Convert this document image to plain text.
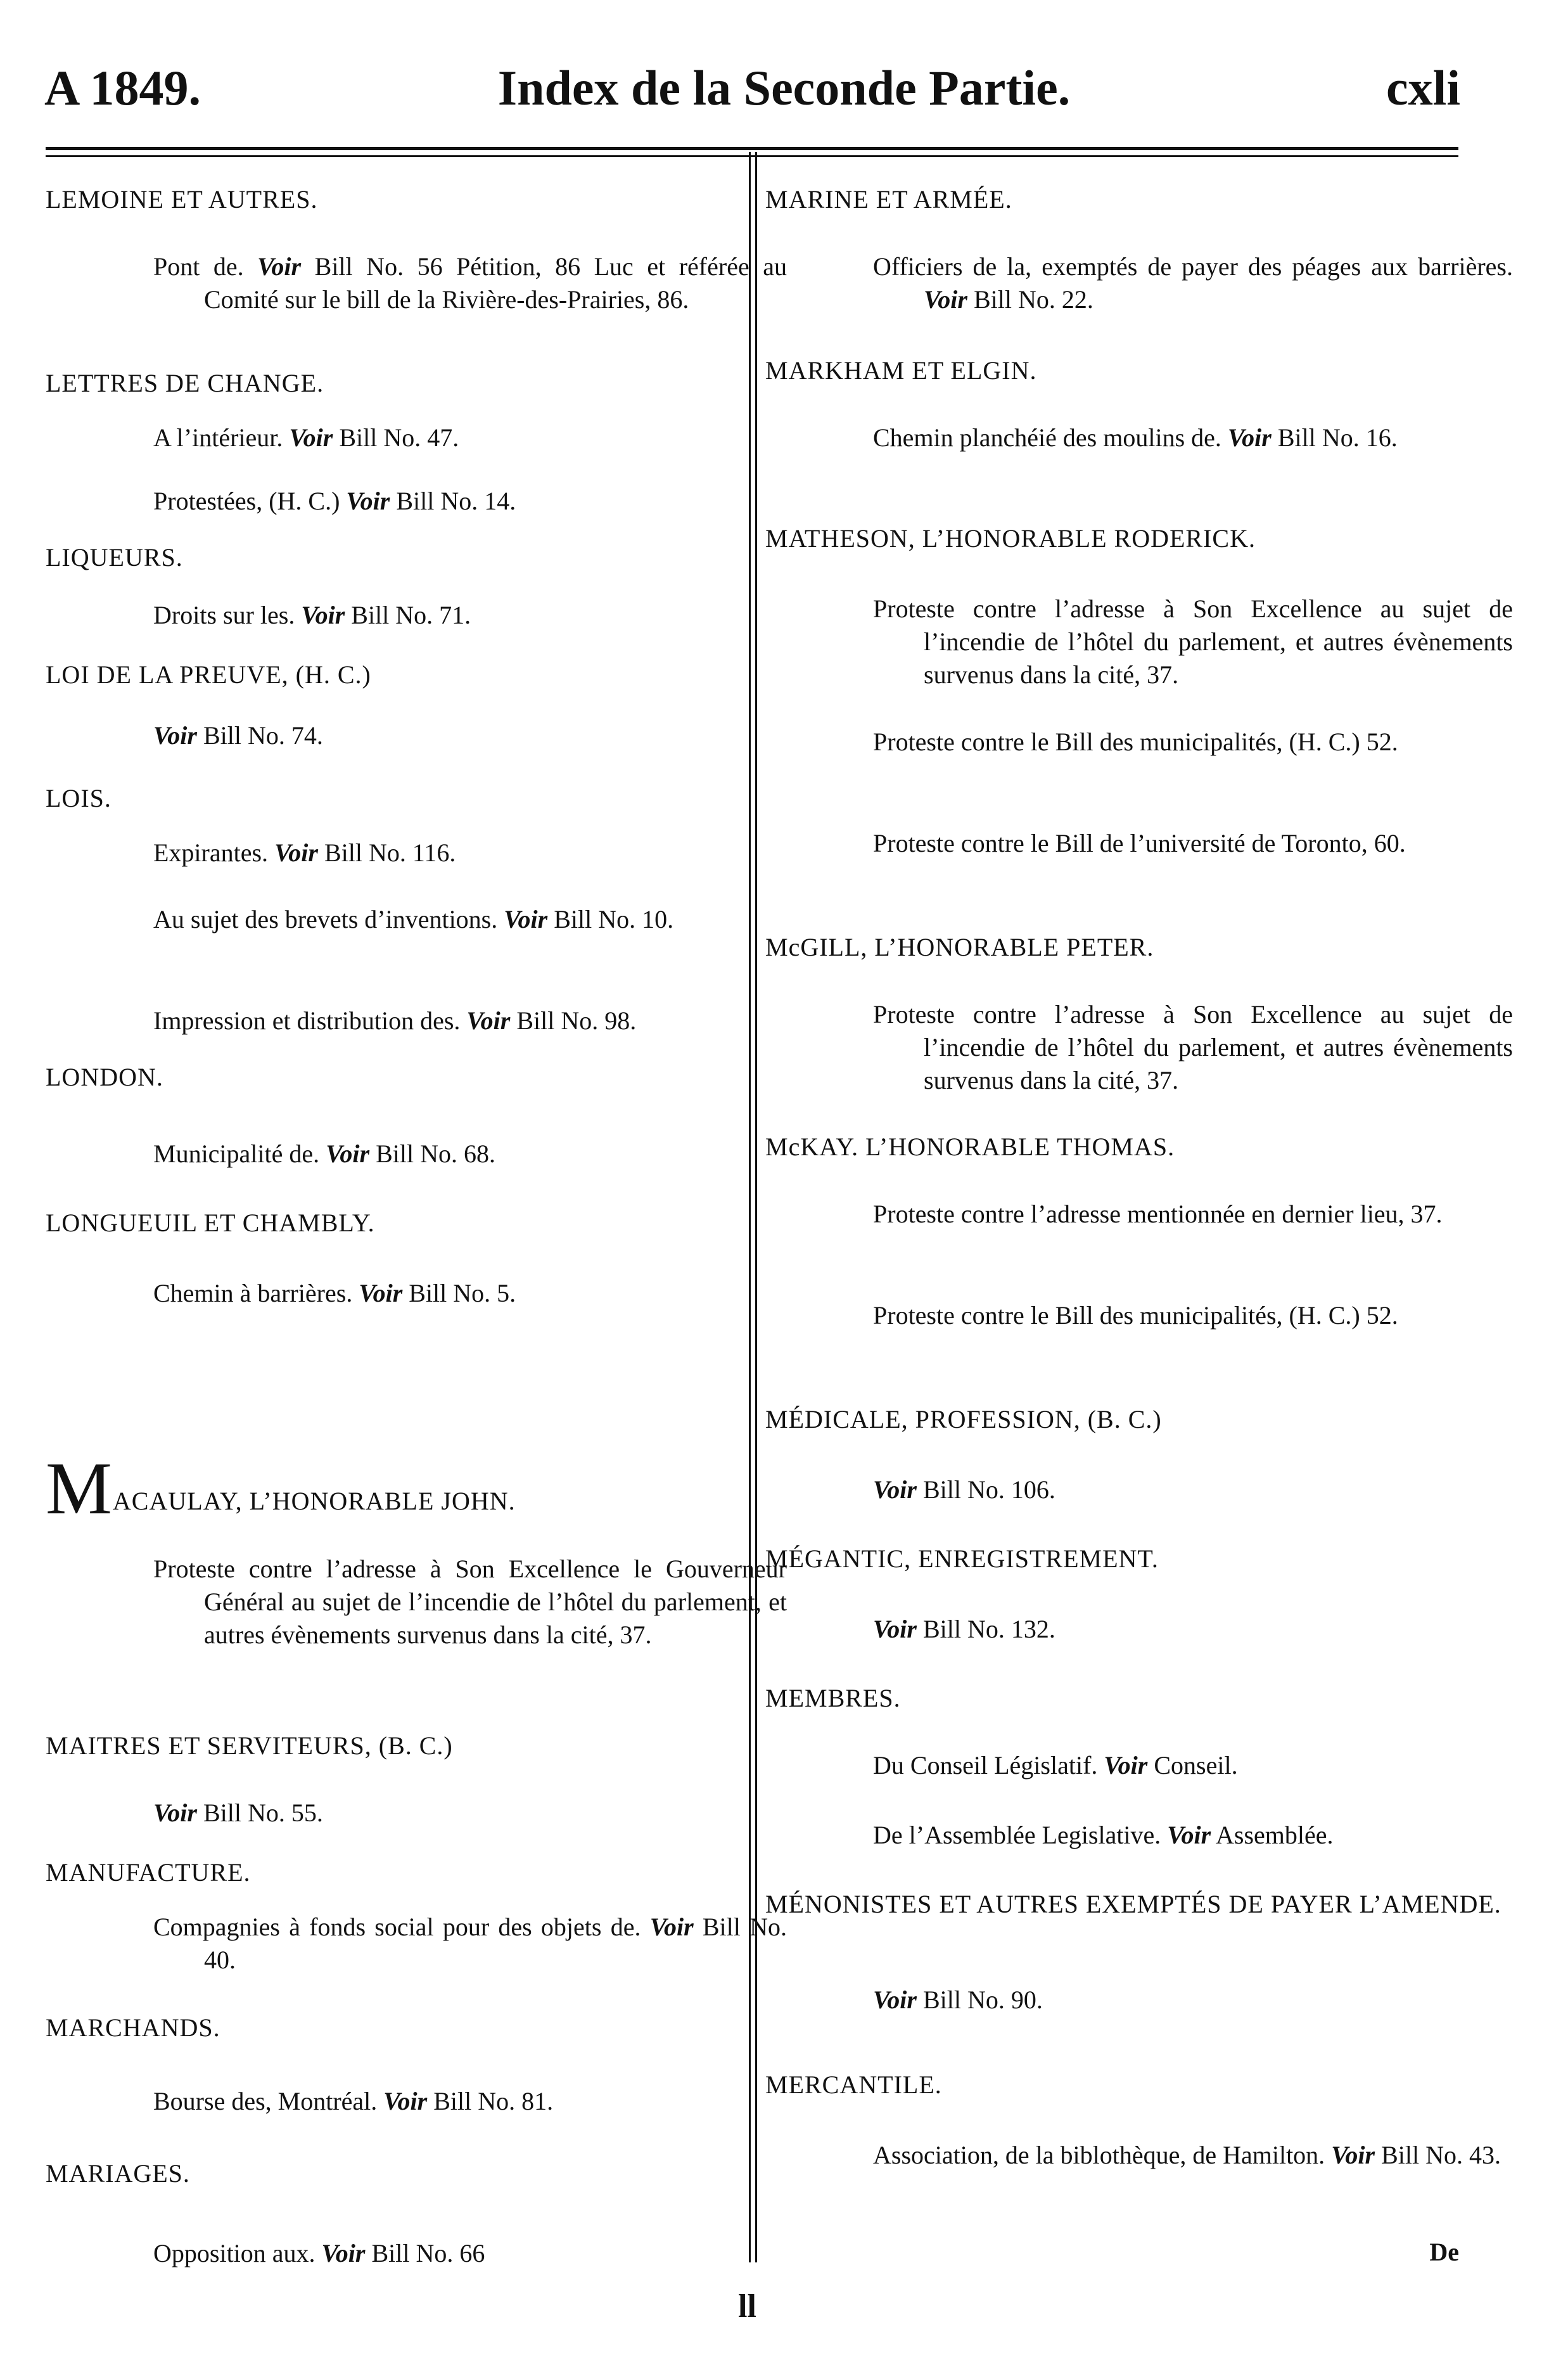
A 1849.	Index de la Seconde Partie.	cxli
LEMOINE ET AUTRES.
Pont de. Voir Bill No. 56 Pétition, 86 Luc et référée au Comité sur le bill de la Rivière-des-Prairies, 86.
LETTRES DE CHANGE.
A l’intérieur. Voir Bill No. 47.
Protestées, (H. C.) Voir Bill No. 14.
LIQUEURS.
Droits sur les. Voir Bill No. 71.
LOI DE LA PREUVE, (H. C.)
Voir Bill No. 74.
LOIS.
Expirantes. Voir Bill No. 116.
Au sujet des brevets d’inventions. Voir Bill No. 10.
Impression et distribution des. Voir Bill No. 98.
LONDON.
Municipalité de. Voir Bill No. 68.
LONGUEUIL ET CHAMBLY.
Chemin à barrières. Voir Bill No. 5.
MACAULAY, L’HONORABLE JOHN.
Proteste contre l’adresse à Son Excellence le Gouverneur Général au sujet de l’incendie de l’hôtel du parlement, et autres évènements survenus dans la cité, 37.
MAITRES ET SERVITEURS, (B. C.)
Voir Bill No. 55.
MANUFACTURE.
Compagnies à fonds social pour des objets de. Voir Bill No. 40.
MARCHANDS.
Bourse des, Montréal. Voir Bill No. 81.
MARIAGES.
Opposition aux. Voir Bill No. 66
MARINE ET ARMÉE.
Officiers de la, exemptés de payer des péages aux barrières. Voir Bill No. 22.
MARKHAM ET ELGIN.
Chemin planchéié des moulins de. Voir Bill No. 16.
MATHESON, L’HONORABLE RODERICK.
Proteste contre l’adresse à Son Excellence au sujet de l’incendie de l’hôtel du parlement, et autres évènements survenus dans la cité, 37.
Proteste contre le Bill des municipalités, (H. C.) 52.
Proteste contre le Bill de l’université de Toronto, 60.
McGILL, L’HONORABLE PETER.
Proteste contre l’adresse à Son Excellence au sujet de l’incendie de l’hôtel du parlement, et autres évènements survenus dans la cité, 37.
McKAY. L’HONORABLE THOMAS.
Proteste contre l’adresse mentionnée en dernier lieu, 37.
Proteste contre le Bill des municipalités, (H. C.) 52.
MÉDICALE, PROFESSION, (B. C.)
Voir Bill No. 106.
MÉGANTIC, ENREGISTREMENT.
Voir Bill No. 132.
MEMBRES.
Du Conseil Législatif. Voir Conseil.
De l’Assemblée Legislative. Voir Assemblée.
MÉNONISTES ET AUTRES EXEMPTÉS DE PAYER L’AMENDE.
Voir Bill No. 90.
MERCANTILE.
Association, de la biblothèque, de Hamilton. Voir Bill No. 43.
De
ll
